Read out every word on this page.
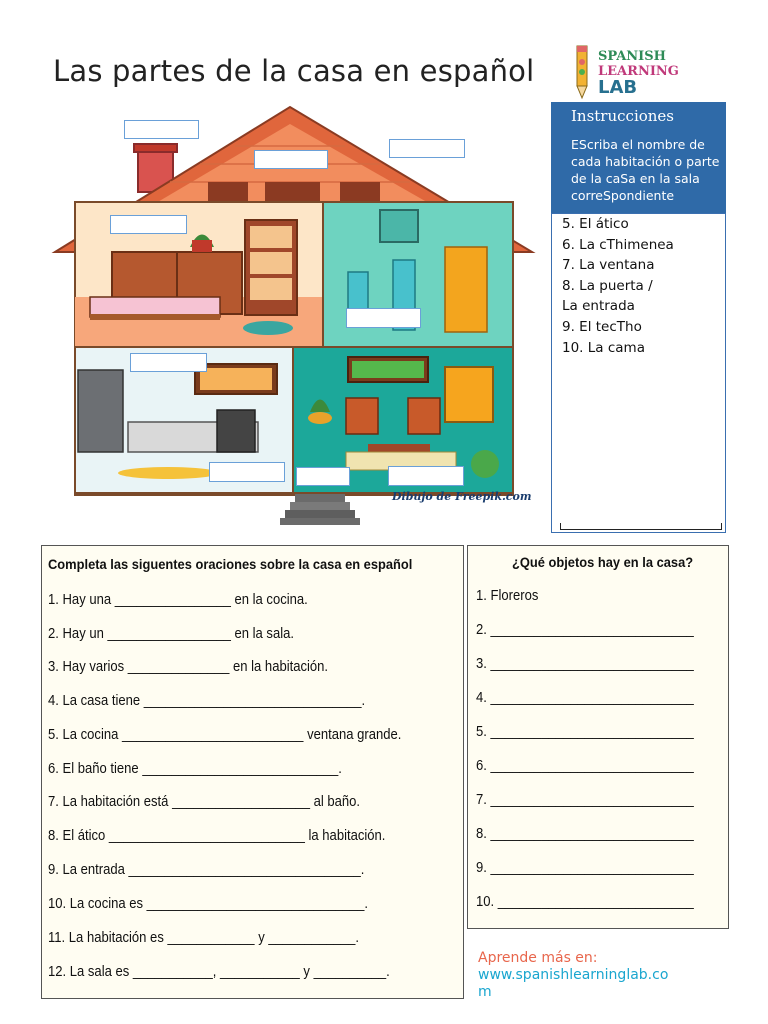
Las partes de la casa en español	SPANISH
LEARNING
LAB
Dibujo de Freepik.com
Instrucciones
EScriba el nombre de cada habitación o parte de la caSa en la sala correSpondiente
5. El ático
6. La cThimenea
7. La ventana
8. La puerta /
La entrada
9. El tecTho
10. La cama
Completa las siguentes oraciones sobre la casa en español
1. Hay una ________________ en la cocina.
2. Hay un _________________ en la sala.
3. Hay varios ______________ en la habitación.
4. La casa tiene ______________________________.
5. La cocina _________________________ ventana grande.
6. El baño tiene ___________________________.
7. La habitación está ___________________ al baño.
8. El ático ___________________________ la habitación.
9. La entrada ________________________________.
10. La cocina es ______________________________.
11. La habitación es ____________ y ____________.
12. La sala es ___________, ___________ y __________.
¿Qué objetos hay en la casa?
1. Floreros
2. ____________________________
3. ____________________________
4. ____________________________
5. ____________________________
6. ____________________________
7. ____________________________
8. ____________________________
9. ____________________________
10. ___________________________
Aprende más en:
www.spanishlearninglab.com
